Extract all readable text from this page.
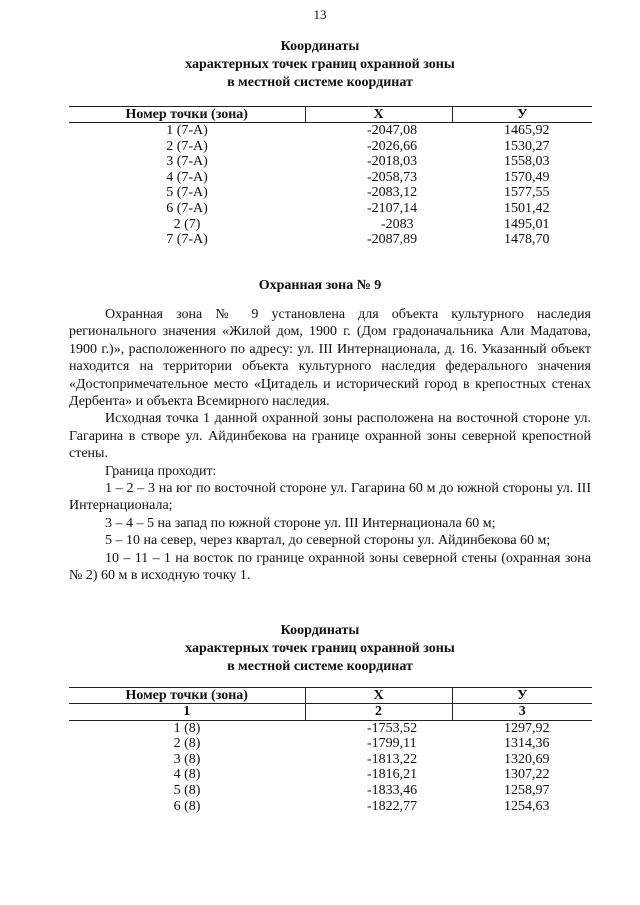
13
Координаты
характерных точек границ охранной зоны
в местной системе координат
Номер точки (зона)	X	У
1 (7-А)	-2047,08	1465,92
2 (7-А)	-2026,66	1530,27
3 (7-А)	-2018,03	1558,03
4 (7-А)	-2058,73	1570,49
5 (7-А)	-2083,12	1577,55
6 (7-А)	-2107,14	1501,42
2 (7)	-2083	1495,01
7 (7-А)	-2087,89	1478,70
Охранная зона № 9

Охранная зона № 9 установлена для объекта культурного наследия регионального значения «Жилой дом, 1900 г. (Дом градоначальника Али Мадатова, 1900 г.)», расположенного по адресу: ул. III Интернационала, д. 16. Указанный объект находится на территории объекта культурного наследия федерального значения «Достопримечательное место «Цитадель и исторический город в крепостных стенах Дербента» и объекта Всемирного наследия.

Исходная точка 1 данной охранной зоны расположена на восточной стороне ул. Гагарина в створе ул. Айдинбекова на границе охранной зоны северной крепостной стены.

Граница проходит:

1 – 2 – 3 на юг по восточной стороне ул. Гагарина 60 м до южной стороны ул. III Интернационала;

3 – 4 – 5 на запад по южной стороне ул. III Интернационала 60 м;

5 – 10 на север, через квартал, до северной стороны ул. Айдинбекова 60 м;

10 – 11 – 1 на восток по границе охранной зоны северной стены (охранная зона № 2) 60 м в исходную точку 1.

Координаты
характерных точек границ охранной зоны
в местной системе координат
Номер точки (зона)	X	У
1	2	3
1 (8)	-1753,52	1297,92
2 (8)	-1799,11	1314,36
3 (8)	-1813,22	1320,69
4 (8)	-1816,21	1307,22
5 (8)	-1833,46	1258,97
6 (8)	-1822,77	1254,63
